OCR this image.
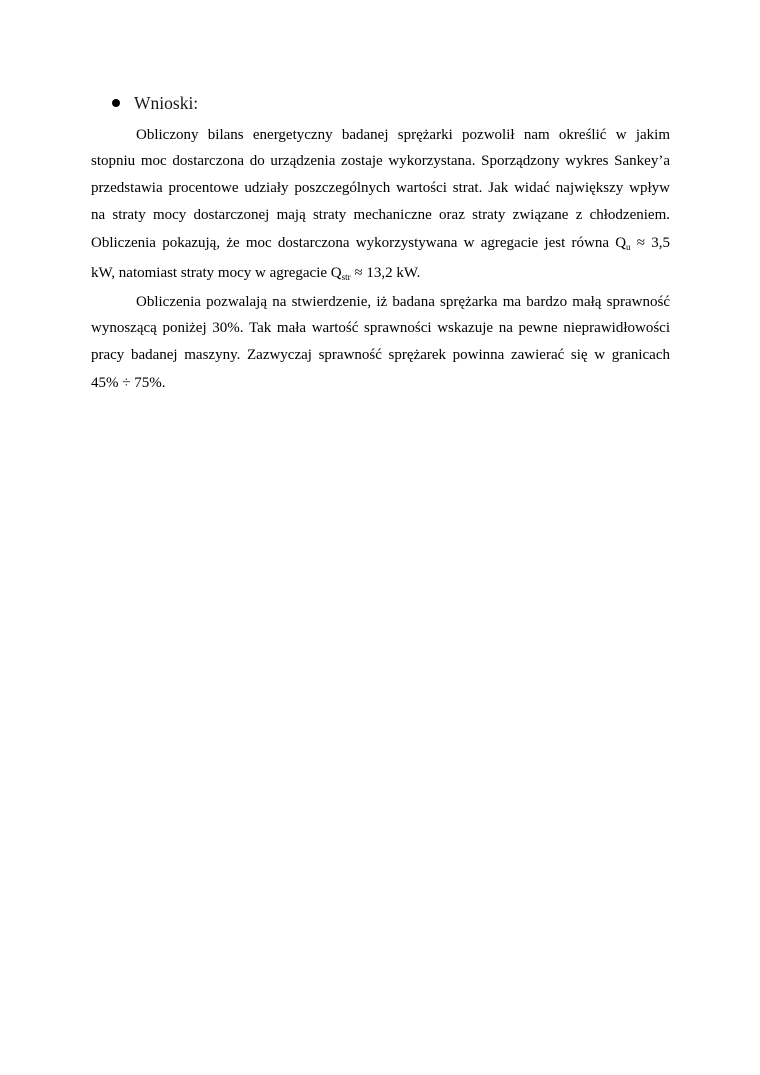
Wnioski:
Obliczony bilans energetyczny badanej sprężarki pozwolił nam określić w jakim
stopniu moc dostarczona do urządzenia zostaje wykorzystana. Sporządzony wykres Sankey’a
przedstawia procentowe udziały poszczególnych wartości strat. Jak widać największy wpływ
na straty mocy dostarczonej mają straty mechaniczne oraz straty związane z chłodzeniem.
Obliczenia pokazują, że moc dostarczona wykorzystywana w agregacie jest równa $Q_u \approx 3,5$
kW, natomiast straty mocy w agregacie $Q_{str} \approx 13,2$ kW.
Obliczenia pozwalają na stwierdzenie, iż badana sprężarka ma bardzo małą sprawność
wynoszącą poniżej 30%. Tak mała wartość sprawności wskazuje na pewne nieprawidłowości
pracy badanej maszyny. Zazwyczaj sprawność sprężarek powinna zawierać się w granicach
45% ÷ 75%.
